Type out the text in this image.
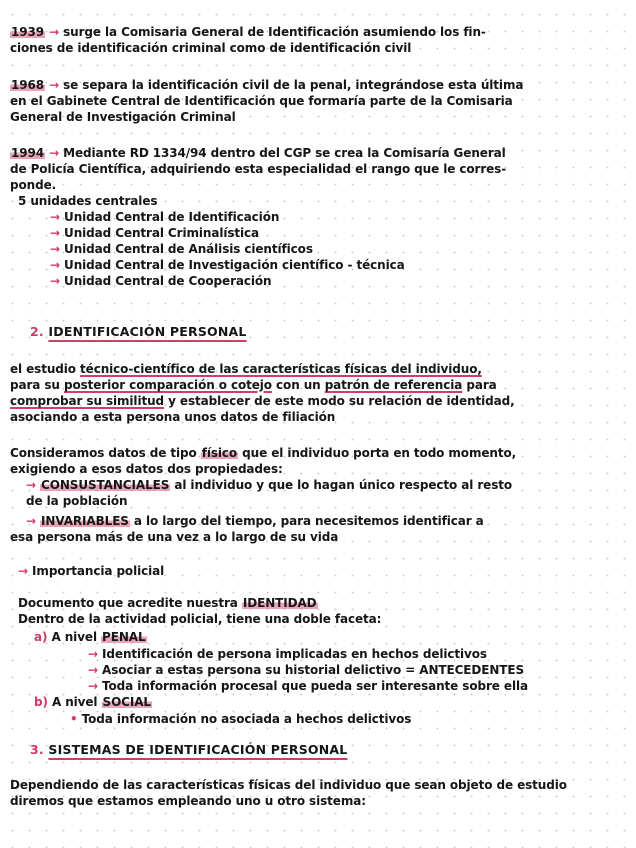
1939 → surge la Comisaria General de Identificación asumiendo los fin-
ciones de identificación criminal como de identificación civil
1968 → se separa la identificación civil de la penal, integrándose esta última
en el Gabinete Central de Identificación que formaría parte de la Comisaria
General de Investigación Criminal
1994 → Mediante RD 1334/94 dentro del CGP se crea la Comisaría General
de Policía Científica, adquiriendo esta especialidad el rango que le corres-
ponde.
5 unidades centrales
→ Unidad Central de Identificación
→ Unidad Central Criminalística
→ Unidad Central de Análisis científicos
→ Unidad Central de Investigación científico - técnica
→ Unidad Central de Cooperación
2. IDENTIFICACIÓN PERSONAL
el estudio técnico-científico de las características físicas del individuo,
para su posterior comparación o cotejo con un patrón de referencia para
comprobar su similitud y establecer de este modo su relación de identidad,
asociando a esta persona unos datos de filiación
Consideramos datos de tipo físico que el individuo porta en todo momento,
exigiendo a esos datos dos propiedades:
→ CONSUSTANCIALES al individuo y que lo hagan único respecto al resto
de la población
→ INVARIABLES a lo largo del tiempo, para necesitemos identificar a
esa persona más de una vez a lo largo de su vida
→ Importancia policial
Documento que acredite nuestra IDENTIDAD
Dentro de la actividad policial, tiene una doble faceta:
a) A nivel PENAL
→ Identificación de persona implicadas en hechos delictivos
→ Asociar a estas persona su historial delictivo = ANTECEDENTES
→ Toda información procesal que pueda ser interesante sobre ella
b) A nivel SOCIAL
• Toda información no asociada a hechos delictivos
3. SISTEMAS DE IDENTIFICACIÓN PERSONAL
Dependiendo de las características físicas del individuo que sean objeto de estudio
diremos que estamos empleando uno u otro sistema:
